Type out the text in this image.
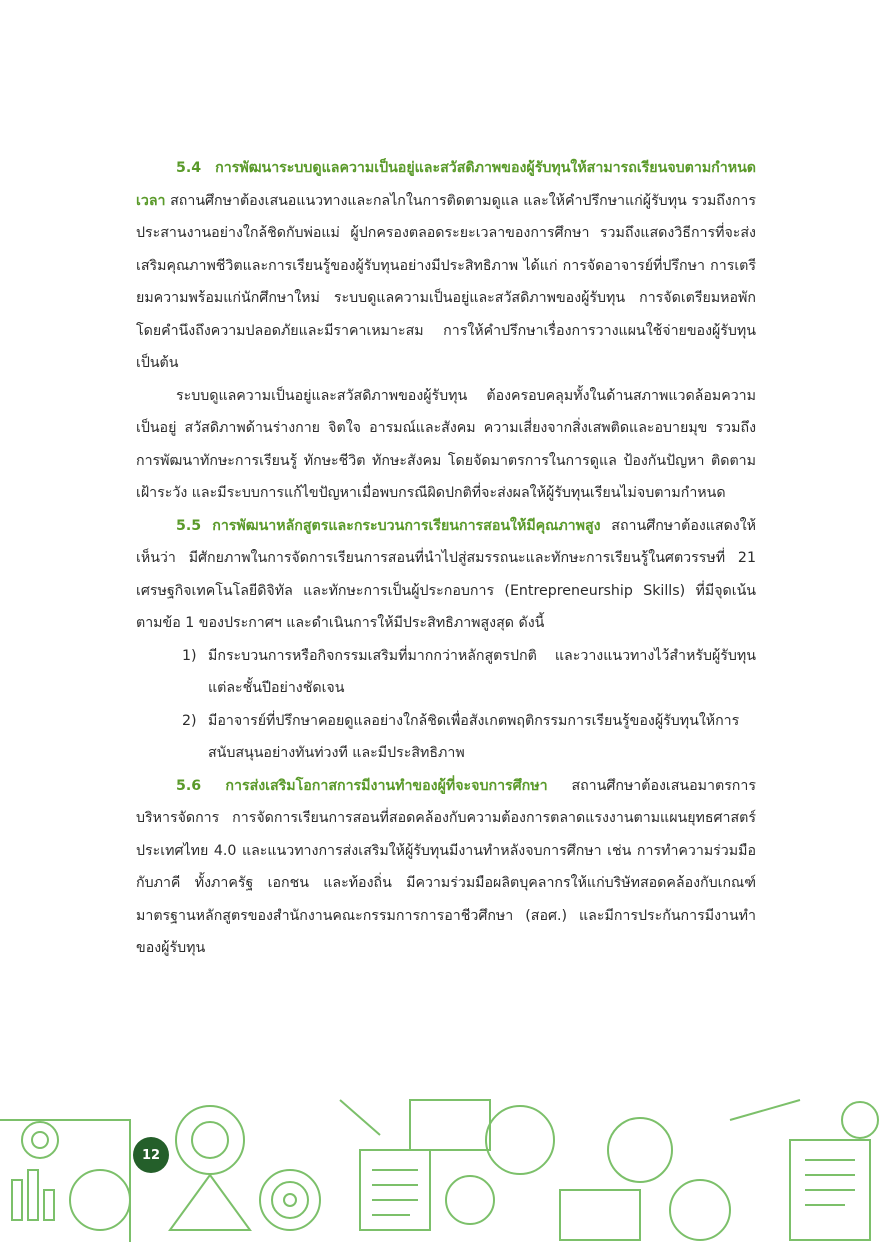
5.4 การพัฒนาระบบดูแลความเป็นอยู่และสวัสดิภาพของผู้รับทุนให้สามารถเรียนจบตามกำหนดเวลา สถานศึกษาต้องเสนอแนวทางและกลไกในการติดตามดูแล และให้คำปรึกษาแก่ผู้รับทุน รวมถึงการประสานงานอย่างใกล้ชิดกับพ่อแม่ ผู้ปกครองตลอดระยะเวลาของการศึกษา รวมถึงแสดงวิธีการที่จะส่งเสริมคุณภาพชีวิตและการเรียนรู้ของผู้รับทุนอย่างมีประสิทธิภาพ ได้แก่ การจัดอาจารย์ที่ปรึกษา การเตรียมความพร้อมแก่นักศึกษาใหม่ ระบบดูแลความเป็นอยู่และสวัสดิภาพของผู้รับทุน การจัดเตรียมหอพักโดยคำนึงถึงความปลอดภัยและมีราคาเหมาะสม การให้คำปรึกษาเรื่องการวางแผนใช้จ่ายของผู้รับทุน เป็นต้น

ระบบดูแลความเป็นอยู่และสวัสดิภาพของผู้รับทุน ต้องครอบคลุมทั้งในด้านสภาพแวดล้อมความเป็นอยู่ สวัสดิภาพด้านร่างกาย จิตใจ อารมณ์และสังคม ความเสี่ยงจากสิ่งเสพติดและอบายมุข รวมถึงการพัฒนาทักษะการเรียนรู้ ทักษะชีวิต ทักษะสังคม โดยจัดมาตรการในการดูแล ป้องกันปัญหา ติดตาม เฝ้าระวัง และมีระบบการแก้ไขปัญหาเมื่อพบกรณีผิดปกติที่จะส่งผลให้ผู้รับทุนเรียนไม่จบตามกำหนด

5.5 การพัฒนาหลักสูตรและกระบวนการเรียนการสอนให้มีคุณภาพสูง สถานศึกษาต้องแสดงให้เห็นว่า มีศักยภาพในการจัดการเรียนการสอนที่นำไปสู่สมรรถนะและทักษะการเรียนรู้ในศตวรรษที่ 21 เศรษฐกิจเทคโนโลยีดิจิทัล และทักษะการเป็นผู้ประกอบการ (Entrepreneurship Skills) ที่มีจุดเน้นตามข้อ 1 ของประกาศฯ และดำเนินการให้มีประสิทธิภาพสูงสุด ดังนี้

1) มีกระบวนการหรือกิจกรรมเสริมที่มากกว่าหลักสูตรปกติ และวางแนวทางไว้สำหรับผู้รับทุนแต่ละชั้นปีอย่างชัดเจน
2) มีอาจารย์ที่ปรึกษาคอยดูแลอย่างใกล้ชิดเพื่อสังเกตพฤติกรรมการเรียนรู้ของผู้รับทุนให้การสนับสนุนอย่างทันท่วงที และมีประสิทธิภาพ

5.6 การส่งเสริมโอกาสการมีงานทำของผู้ที่จะจบการศึกษา สถานศึกษาต้องเสนอมาตรการบริหารจัดการ การจัดการเรียนการสอนที่สอดคล้องกับความต้องการตลาดแรงงานตามแผนยุทธศาสตร์ประเทศไทย 4.0 และแนวทางการส่งเสริมให้ผู้รับทุนมีงานทำหลังจบการศึกษา เช่น การทำความร่วมมือกับภาคี ทั้งภาครัฐ เอกชน และท้องถิ่น มีความร่วมมือผลิตบุคลากรให้แก่บริษัทสอดคล้องกับเกณฑ์มาตรฐานหลักสูตรของสำนักงานคณะกรรมการการอาชีวศึกษา (สอศ.) และมีการประกันการมีงานทำของผู้รับทุน

12
